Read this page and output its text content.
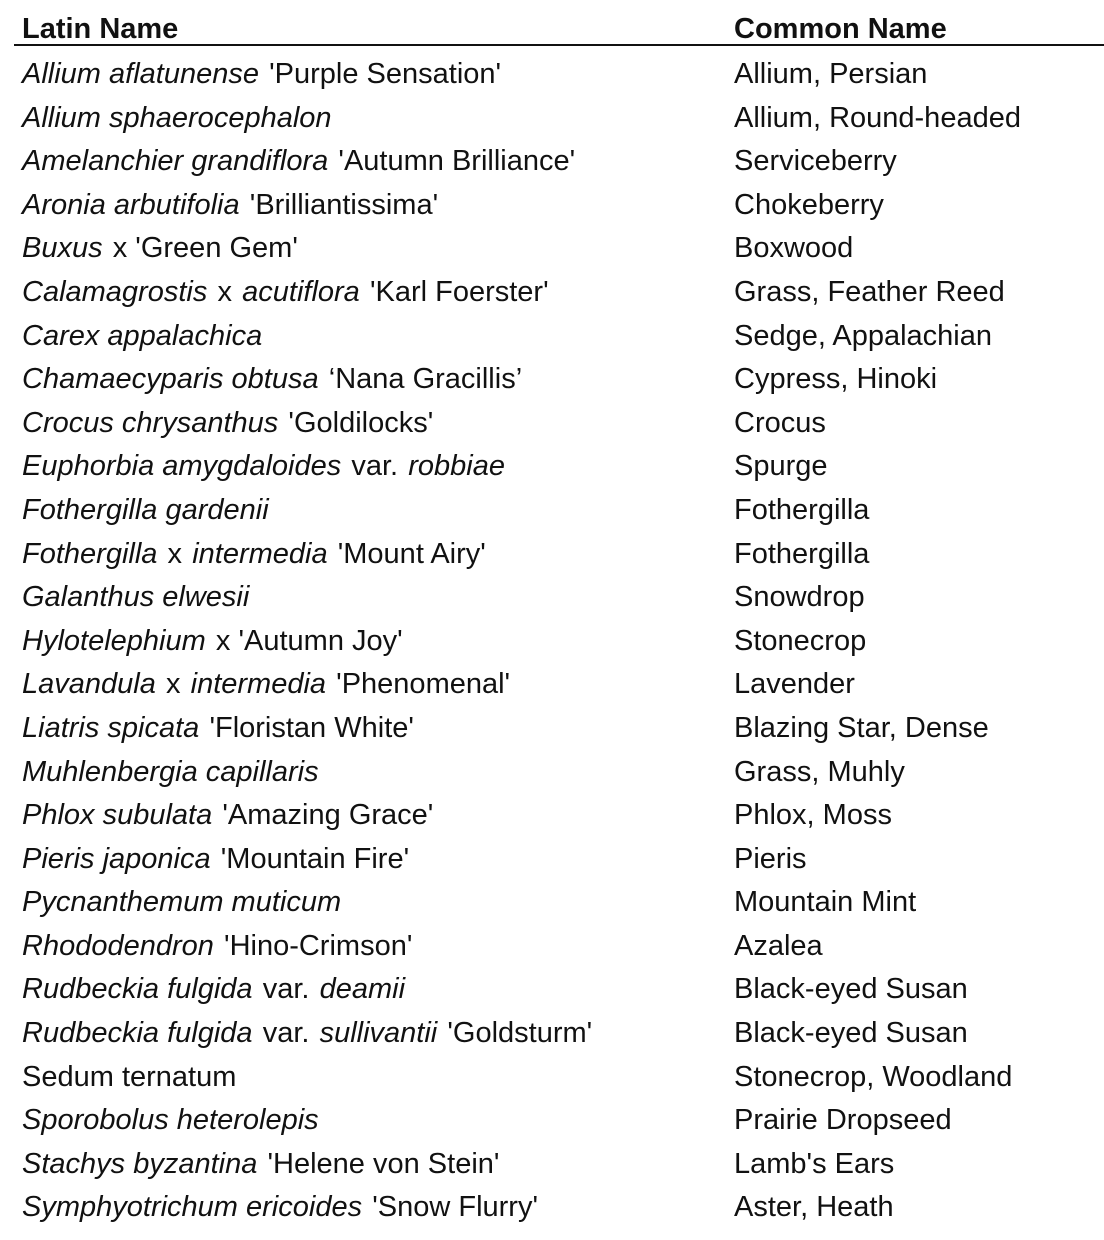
Latin Name	Common Name
Allium aflatunense 'Purple Sensation'	Allium, Persian
Allium sphaerocephalon	Allium, Round-headed
Amelanchier grandiflora 'Autumn Brilliance'	Serviceberry
Aronia arbutifolia 'Brilliantissima'	Chokeberry
Buxus x 'Green Gem'	Boxwood
Calamagrostis x acutiflora 'Karl Foerster'	Grass, Feather Reed
Carex appalachica	Sedge, Appalachian
Chamaecyparis obtusa ‘Nana Gracillis’	Cypress, Hinoki
Crocus chrysanthus 'Goldilocks'	Crocus
Euphorbia amygdaloides var. robbiae	Spurge
Fothergilla gardenii	Fothergilla
Fothergilla x intermedia 'Mount Airy'	Fothergilla
Galanthus elwesii	Snowdrop
Hylotelephium x 'Autumn Joy'	Stonecrop
Lavandula x intermedia 'Phenomenal'	Lavender
Liatris spicata 'Floristan White'	Blazing Star, Dense
Muhlenbergia capillaris	Grass, Muhly
Phlox subulata 'Amazing Grace'	Phlox, Moss
Pieris japonica 'Mountain Fire'	Pieris
Pycnanthemum muticum	Mountain Mint
Rhododendron 'Hino-Crimson'	Azalea
Rudbeckia fulgida var. deamii	Black-eyed Susan
Rudbeckia fulgida var. sullivantii 'Goldsturm'	Black-eyed Susan
Sedum ternatum	Stonecrop, Woodland
Sporobolus heterolepis	Prairie Dropseed
Stachys byzantina 'Helene von Stein'	Lamb's Ears
Symphyotrichum ericoides 'Snow Flurry'	Aster, Heath
